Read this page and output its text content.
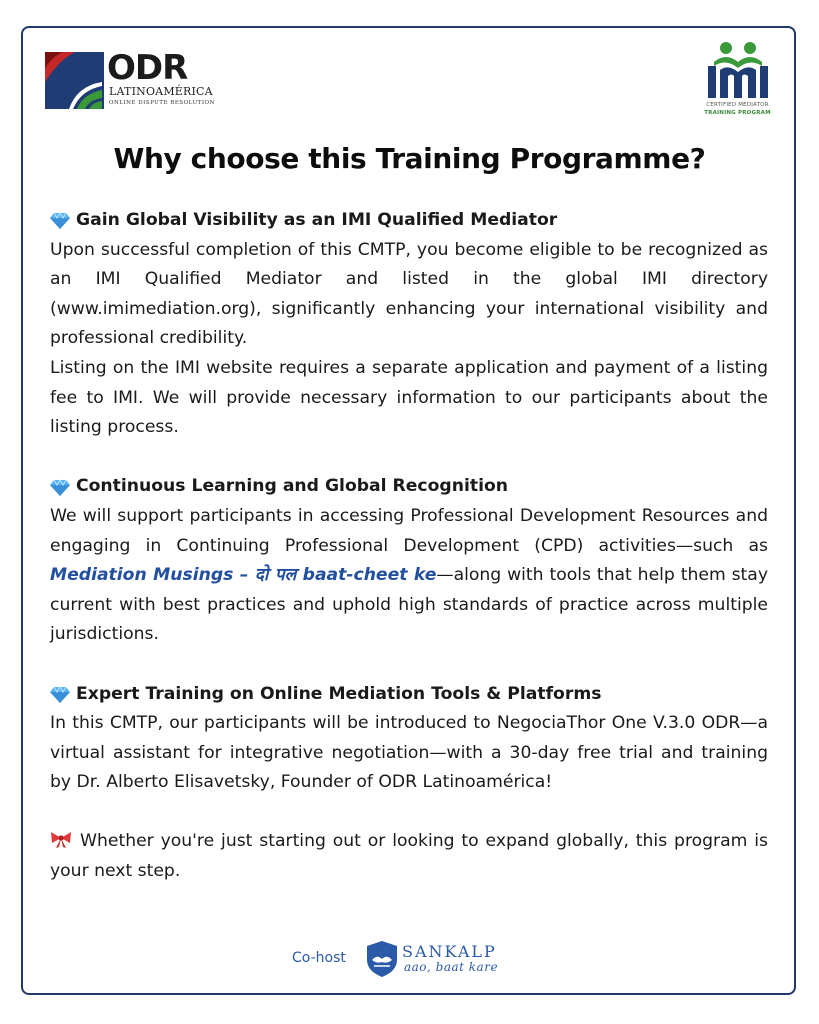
ODR
LATINOAMÉRICA
ONLINE DISPUTE RESOLUTION	CERTIFIED MEDIATOR
TRAINING PROGRAM
Why choose this Training Programme?
Gain Global Visibility as an IMI Qualified Mediator

Upon successful completion of this CMTP, you become eligible to be recognized as an IMI Qualified Mediator and listed in the global IMI directory (www.imimediation.org), significantly enhancing your international visibility and professional credibility.

Listing on the IMI website requires a separate application and payment of a listing fee to IMI. We will provide necessary information to our participants about the listing process.

Continuous Learning and Global Recognition

We will support participants in accessing Professional Development Resources and engaging in Continuing Professional Development (CPD) activities—such as Mediation Musings – दो पल baat-cheet ke—along with tools that help them stay current with best practices and uphold high standards of practice across multiple jurisdictions.

Expert Training on Online Mediation Tools & Platforms

In this CMTP, our participants will be introduced to NegociaThor One V.3.0 ODR—a virtual assistant for integrative negotiation—with a 30-day free trial and training by Dr. Alberto Elisavetsky, Founder of ODR Latinoamérica!

Whether you're just starting out or looking to expand globally, this program is your next step.

Co-host	SANKALP
aao, baat kare
